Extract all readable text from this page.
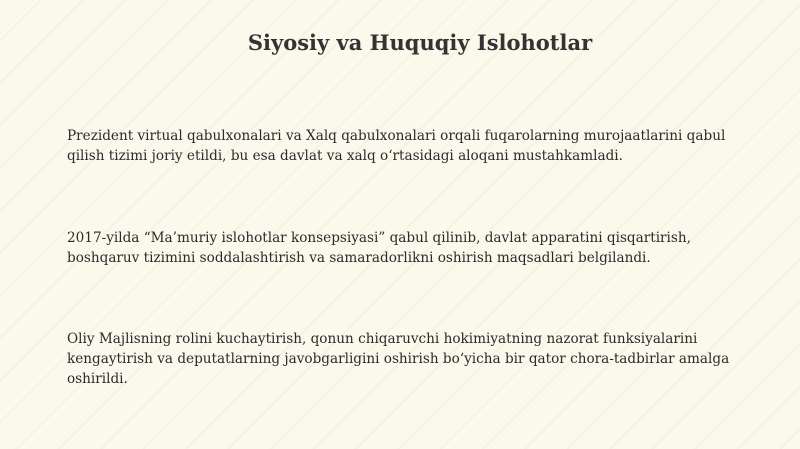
Siyosiy va Huquqiy Islohotlar

Prezident virtual qabulxonalari va Xalq qabulxonalari orqali fuqarolarning murojaatlarini qabul qilish tizimi joriy etildi, bu esa davlat va xalq o‘rtasidagi aloqani mustahkamladi.

2017-yilda “Ma’muriy islohotlar konsepsiyasi” qabul qilinib, davlat apparatini qisqartirish, boshqaruv tizimini soddalashtirish va samaradorlikni oshirish maqsadlari belgilandi.

Oliy Majlisning rolini kuchaytirish, qonun chiqaruvchi hokimiyatning nazorat funksiyalarini kengaytirish va deputatlarning javobgarligini oshirish bo‘yicha bir qator chora-tadbirlar amalga oshirildi.
